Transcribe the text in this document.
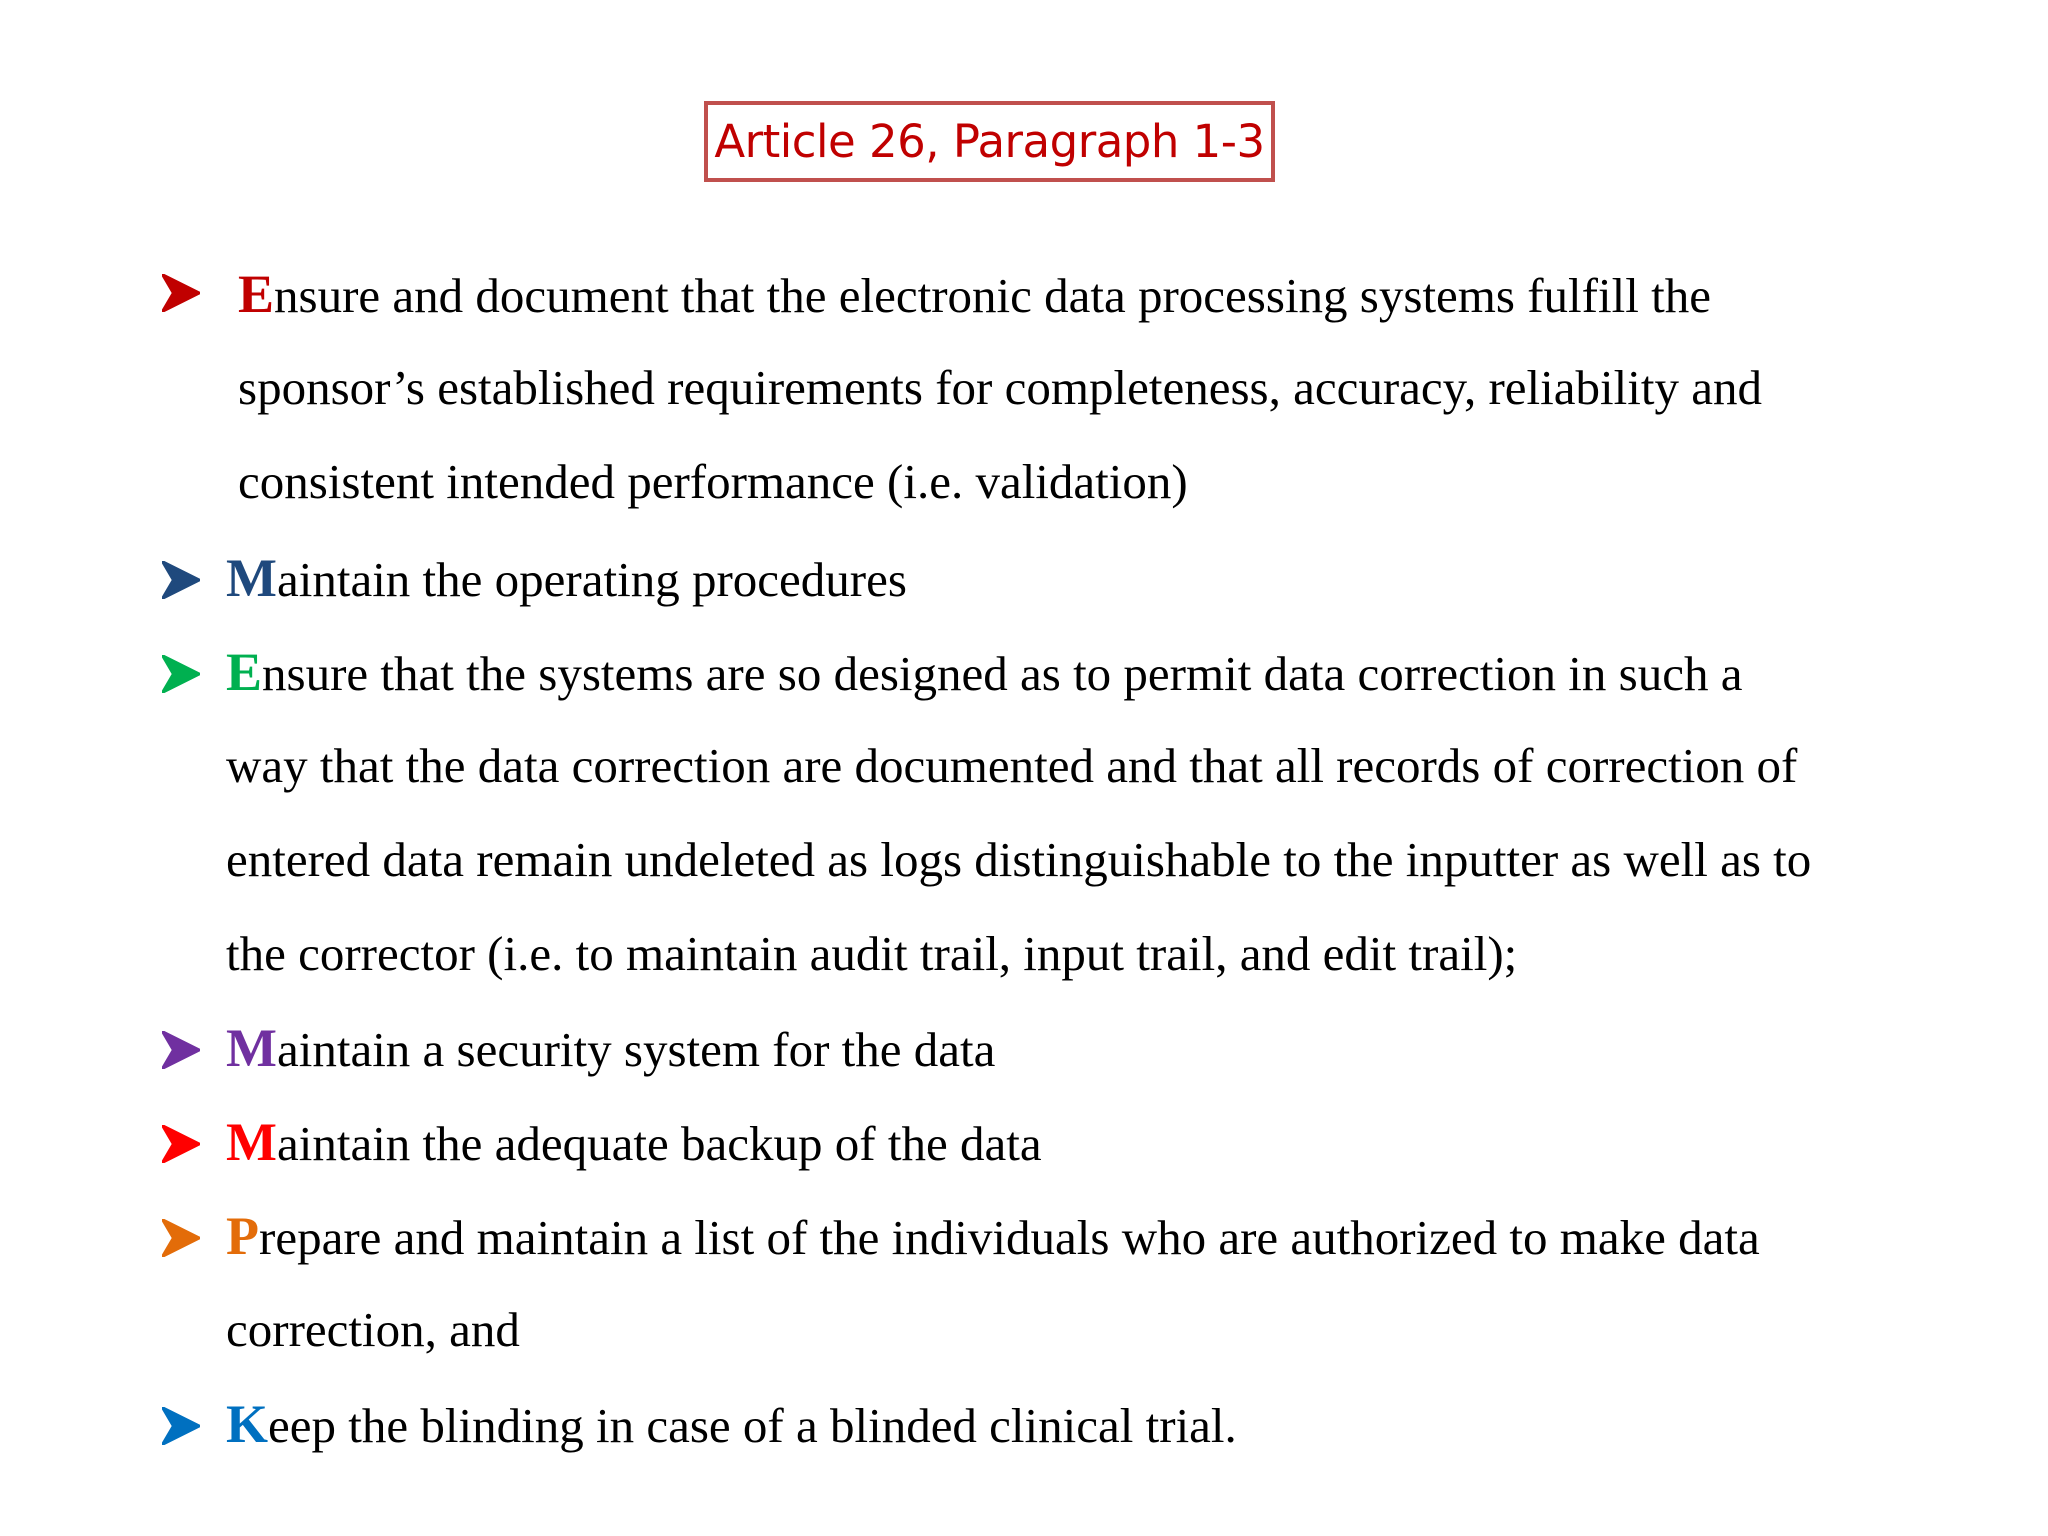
Article 26, Paragraph 1-3
Ensure and document that the electronic data processing systems fulfill the
sponsor’s established requirements for completeness, accuracy, reliability and
consistent intended performance (i.e. validation)
Maintain the operating procedures
Ensure that the systems are so designed as to permit data correction in such a
way that the data correction are documented and that all records of correction of
entered data remain undeleted as logs distinguishable to the inputter as well as to
the corrector (i.e. to maintain audit trail, input trail, and edit trail);
Maintain a security system for the data
Maintain the adequate backup of the data
Prepare and maintain a list of the individuals who are authorized to make data
correction, and
Keep the blinding in case of a blinded clinical trial.
